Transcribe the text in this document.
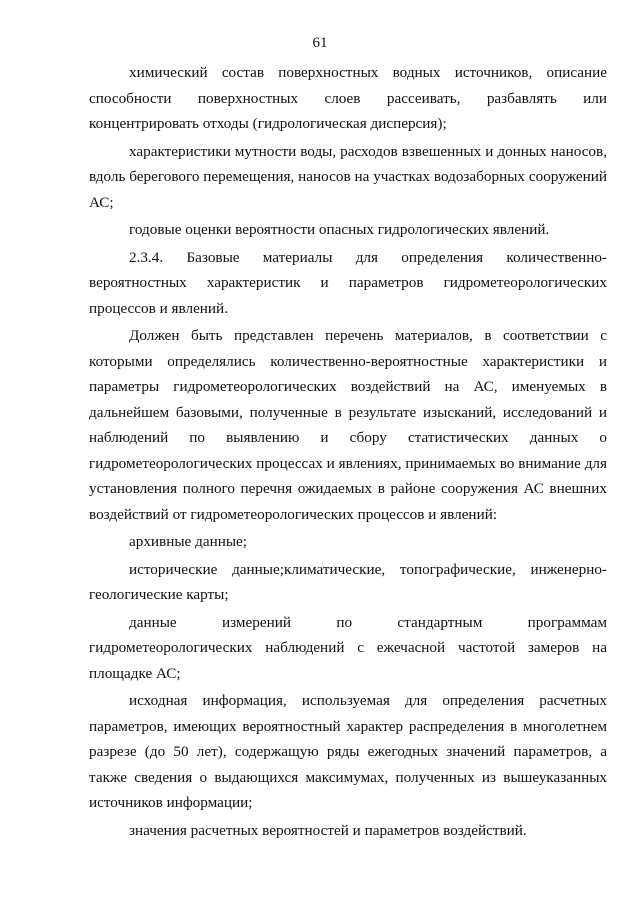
61

химический состав поверхностных водных источников, описание способности поверхностных слоев рассеивать, разбавлять или концентрировать отходы (гидрологическая дисперсия);

характеристики мутности воды, расходов взвешенных и донных наносов, вдоль берегового перемещения, наносов на участках водозаборных сооружений АС;

годовые оценки вероятности опасных гидрологических явлений.

2.3.4. Базовые материалы для определения количественно-вероятностных характеристик и параметров гидрометеорологических процессов и явлений.

Должен быть представлен перечень материалов, в соответствии с которыми определялись количественно-вероятностные характеристики и параметры гидрометеорологических воздействий на АС, именуемых в дальнейшем базовыми, полученные в результате изысканий, исследований и наблюдений по выявлению и сбору статистических данных о гидрометеорологических процессах и явлениях, принимаемых во внимание для установления полного перечня ожидаемых в районе сооружения АС внешних воздействий от гидрометеорологических процессов и явлений:

архивные данные;

исторические данные;климатические, топографические, инженерно-геологические карты;

данные измерений по стандартным программам гидрометеорологических наблюдений с ежечасной частотой замеров на площадке АС;

исходная информация, используемая для определения расчетных параметров, имеющих вероятностный характер распределения в многолетнем разрезе (до 50 лет), содержащую ряды ежегодных значений параметров, а также сведения о выдающихся максимумах, полученных из вышеуказанных источников информации;

значения расчетных вероятностей и параметров воздействий.
